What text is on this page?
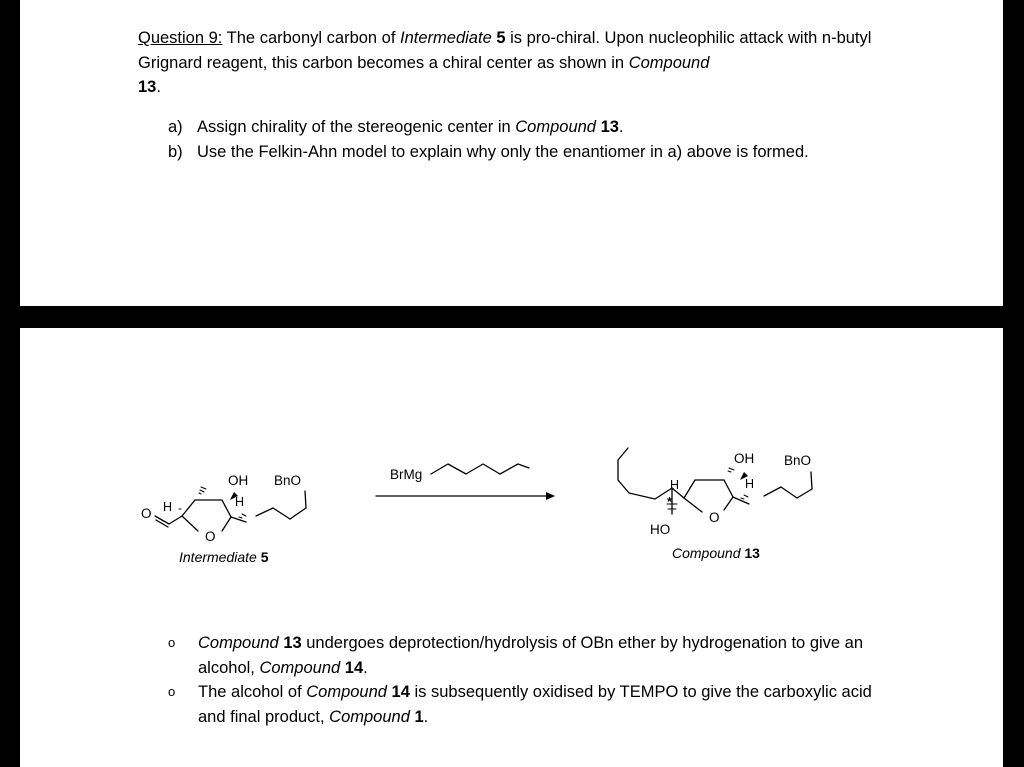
Question 9: The carbonyl carbon of Intermediate 5 is pro-chiral. Upon nucleophilic attack with n-butyl Grignard reagent, this carbon becomes a chiral center as shown in Compound
13.
a) Assign chirality of the stereogenic center in Compound 13.
b) Use the Felkin-Ahn model to explain why only the enantiomer in a) above is formed.
OH BnO
H
O H
O
Intermediate 5
BrMg
OH BnO
H	H
O
*
HO
Compound 13
o Compound 13 undergoes deprotection/hydrolysis of OBn ether by hydrogenation to give an alcohol, Compound 14.
o The alcohol of Compound 14 is subsequently oxidised by TEMPO to give the carboxylic acid and final product, Compound 1.
